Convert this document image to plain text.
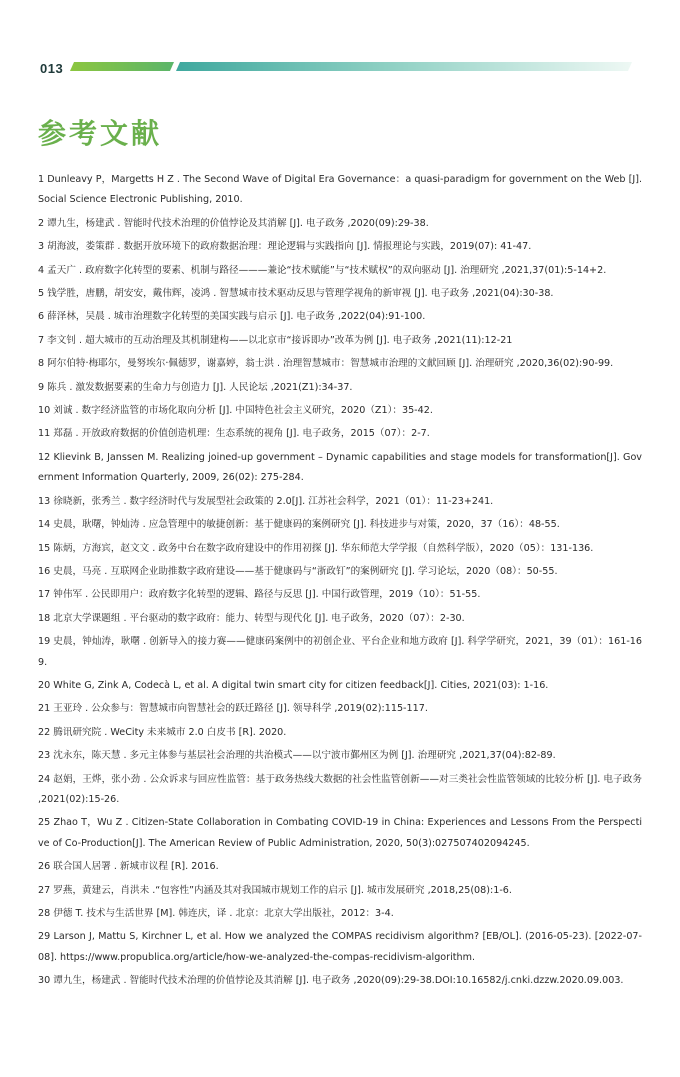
013
参考文献
1 Dunleavy P，Margetts H Z . The Second Wave of Digital Era Governance：a quasi-paradigm for government on the Web [J]. Social Science Electronic Publishing, 2010.
2 谭九生，杨建武 . 智能时代技术治理的价值悖论及其消解 [J]. 电子政务 ,2020(09):29-38.
3 胡海波，娄策群 . 数据开放环境下的政府数据治理：理论逻辑与实践指向 [J]. 情报理论与实践，2019(07): 41-47.
4 孟天广 . 政府数字化转型的要素、机制与路径———兼论“技术赋能”与“技术赋权”的双向驱动 [J]. 治理研究 ,2021,37(01):5-14+2.
5 钱学胜，唐鹏，胡安安，戴伟辉，凌鸿 . 智慧城市技术驱动反思与管理学视角的新审视 [J]. 电子政务 ,2021(04):30-38.
6 薛泽林，吴晨 . 城市治理数字化转型的美国实践与启示 [J]. 电子政务 ,2022(04):91-100.
7 李文钊 . 超大城市的互动治理及其机制建构——以北京市“接诉即办”改革为例 [J]. 电子政务 ,2021(11):12-21
8 阿尔伯特·梅耶尔，曼努埃尔·佩德罗，谢嘉婷，翁士洪 . 治理智慧城市：智慧城市治理的文献回顾 [J]. 治理研究 ,2020,36(02):90-99.
9 陈兵 . 激发数据要素的生命力与创造力 [J]. 人民论坛 ,2021(Z1):34-37.
10 刘诚 . 数字经济监管的市场化取向分析 [J]. 中国特色社会主义研究，2020（Z1）：35-42.
11 郑磊 . 开放政府数据的价值创造机理：生态系统的视角 [J]. 电子政务，2015（07）：2-7.
12 Klievink B, Janssen M. Realizing joined-up government – Dynamic capabilities and stage models for transformation[J]. Government Information Quarterly, 2009, 26(02): 275-284.
13 徐晓新，张秀兰 . 数字经济时代与发展型社会政策的 2.0[J]. 江苏社会科学，2021（01）：11-23+241.
14 史晨，耿曙，钟灿涛 . 应急管理中的敏捷创新：基于健康码的案例研究 [J]. 科技进步与对策，2020，37（16）：48-55.
15 陈炳，方海宾，赵文文 . 政务中台在数字政府建设中的作用初探 [J]. 华东师范大学学报（自然科学版），2020（05）：131-136.
16 史晨，马亮 . 互联网企业助推数字政府建设——基于健康码与“浙政钉”的案例研究 [J]. 学习论坛，2020（08）：50-55.
17 钟伟军 . 公民即用户：政府数字化转型的逻辑、路径与反思 [J]. 中国行政管理，2019（10）：51-55.
18 北京大学课题组 . 平台驱动的数字政府：能力、转型与现代化 [J]. 电子政务，2020（07）：2-30.
19 史晨，钟灿涛，耿曙 . 创新导入的接力赛——健康码案例中的初创企业、平台企业和地方政府 [J]. 科学学研究，2021，39（01）：161-169.
20 White G, Zink A, Codecà L, et al. A digital twin smart city for citizen feedback[J]. Cities, 2021(03): 1-16.
21 王亚玲 . 公众参与：智慧城市向智慧社会的跃迁路径 [J]. 领导科学 ,2019(02):115-117.
22 腾讯研究院 . WeCity 未来城市 2.0 白皮书 [R]. 2020.
23 沈永东，陈天慧 . 多元主体参与基层社会治理的共治模式——以宁波市鄞州区为例 [J]. 治理研究 ,2021,37(04):82-89.
24 赵娟，王烨，张小劲 . 公众诉求与回应性监管：基于政务热线大数据的社会性监管创新——对三类社会性监管领域的比较分析 [J]. 电子政务 ,2021(02):15-26.
25 Zhao T，Wu Z . Citizen-State Collaboration in Combating COVID-19 in China: Experiences and Lessons From the Perspective of Co-Production[J]. The American Review of Public Administration, 2020, 50(3):027507402094245.
26 联合国人居署 . 新城市议程 [R]. 2016.
27 罗燕，黄建云，肖洪未 .“包容性”内涵及其对我国城市规划工作的启示 [J]. 城市发展研究 ,2018,25(08):1-6.
28 伊德 T. 技术与生活世界 [M]. 韩连庆，译 . 北京：北京大学出版社，2012：3-4.
29 Larson J, Mattu S, Kirchner L, et al. How we analyzed the COMPAS recidivism algorithm? [EB/OL]. (2016-05-23). [2022-07-08]. https://www.propublica.org/article/how-we-analyzed-the-compas-recidivism-algorithm.
30 谭九生，杨建武 . 智能时代技术治理的价值悖论及其消解 [J]. 电子政务 ,2020(09):29-38.DOI:10.16582/j.cnki.dzzw.2020.09.003.
